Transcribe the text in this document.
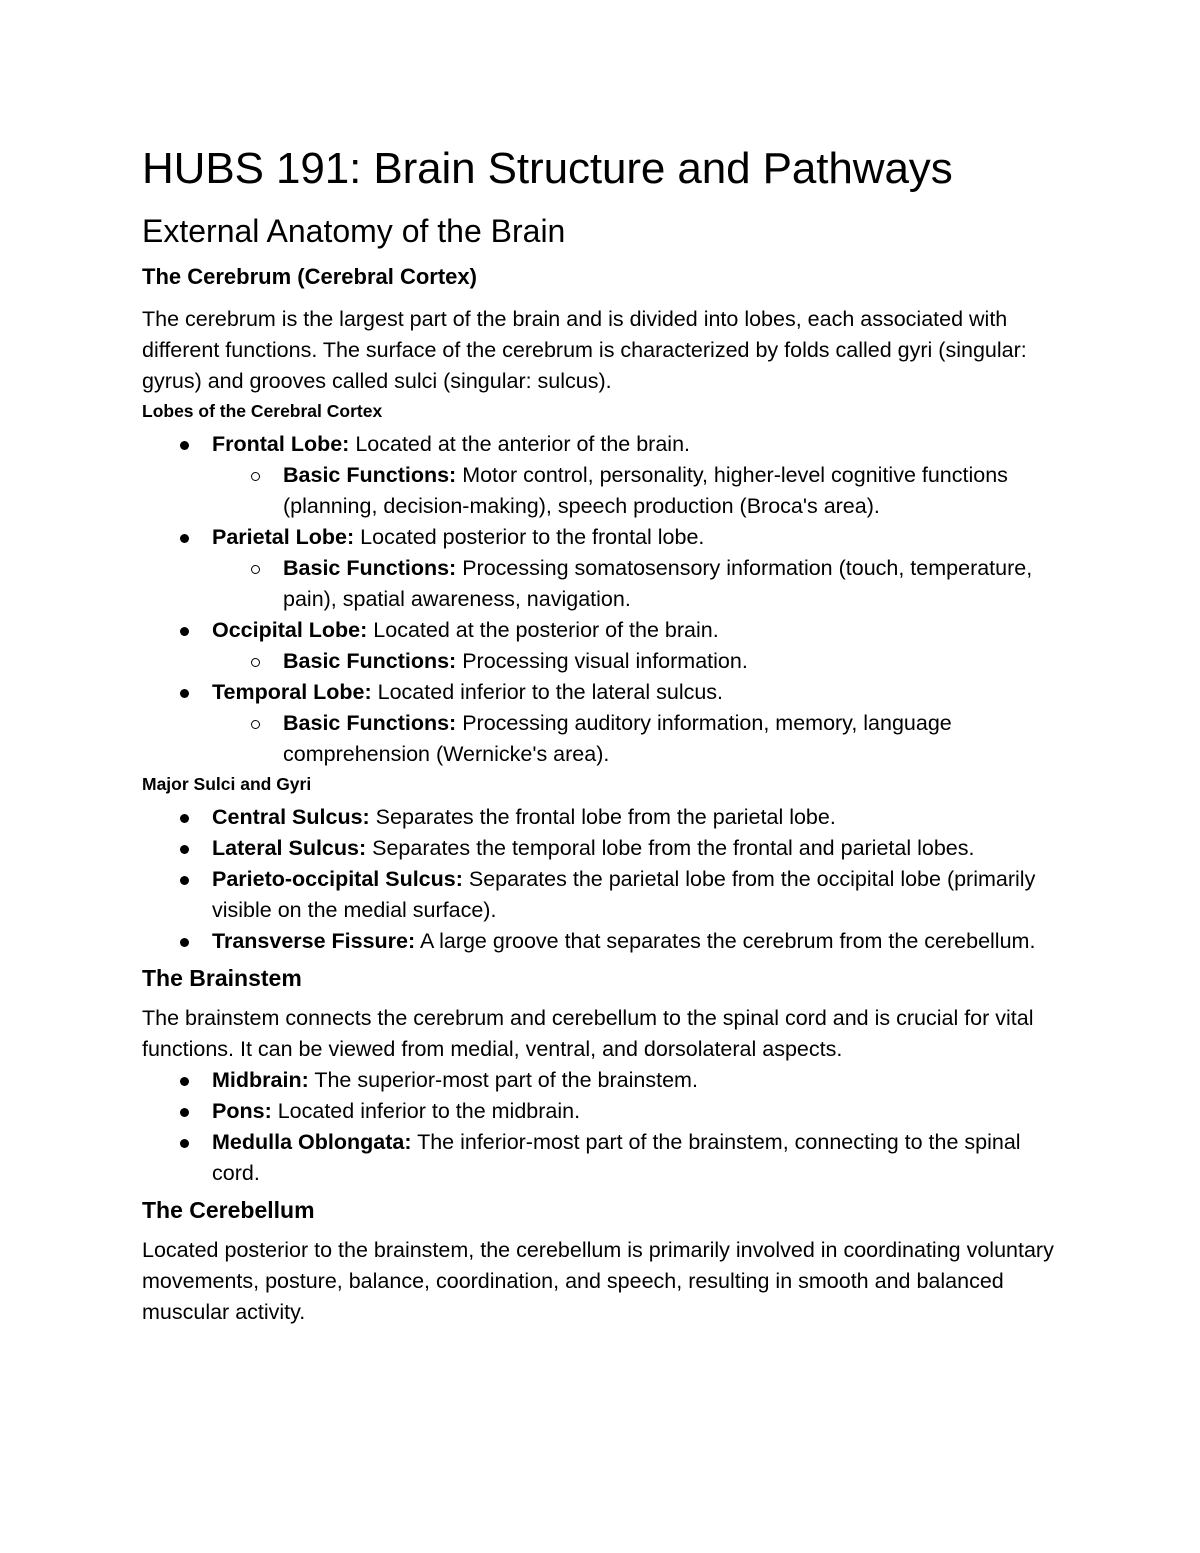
HUBS 191: Brain Structure and Pathways
External Anatomy of the Brain
The Cerebrum (Cerebral Cortex)

The cerebrum is the largest part of the brain and is divided into lobes, each associated with different functions. The surface of the cerebrum is characterized by folds called gyri (singular: gyrus) and grooves called sulci (singular: sulcus).

Lobes of the Cerebral Cortex
Frontal Lobe: Located at the anterior of the brain.
Basic Functions: Motor control, personality, higher-level cognitive functions (planning, decision-making), speech production (Broca's area).
Parietal Lobe: Located posterior to the frontal lobe.
Basic Functions: Processing somatosensory information (touch, temperature, pain), spatial awareness, navigation.
Occipital Lobe: Located at the posterior of the brain.
Basic Functions: Processing visual information.
Temporal Lobe: Located inferior to the lateral sulcus.
Basic Functions: Processing auditory information, memory, language comprehension (Wernicke's area).
Major Sulci and Gyri
Central Sulcus: Separates the frontal lobe from the parietal lobe.
Lateral Sulcus: Separates the temporal lobe from the frontal and parietal lobes.
Parieto-occipital Sulcus: Separates the parietal lobe from the occipital lobe (primarily visible on the medial surface).
Transverse Fissure: A large groove that separates the cerebrum from the cerebellum.
The Brainstem

The brainstem connects the cerebrum and cerebellum to the spinal cord and is crucial for vital functions. It can be viewed from medial, ventral, and dorsolateral aspects.

Midbrain: The superior-most part of the brainstem.
Pons: Located inferior to the midbrain.
Medulla Oblongata: The inferior-most part of the brainstem, connecting to the spinal cord.
The Cerebellum

Located posterior to the brainstem, the cerebellum is primarily involved in coordinating voluntary movements, posture, balance, coordination, and speech, resulting in smooth and balanced muscular activity.
